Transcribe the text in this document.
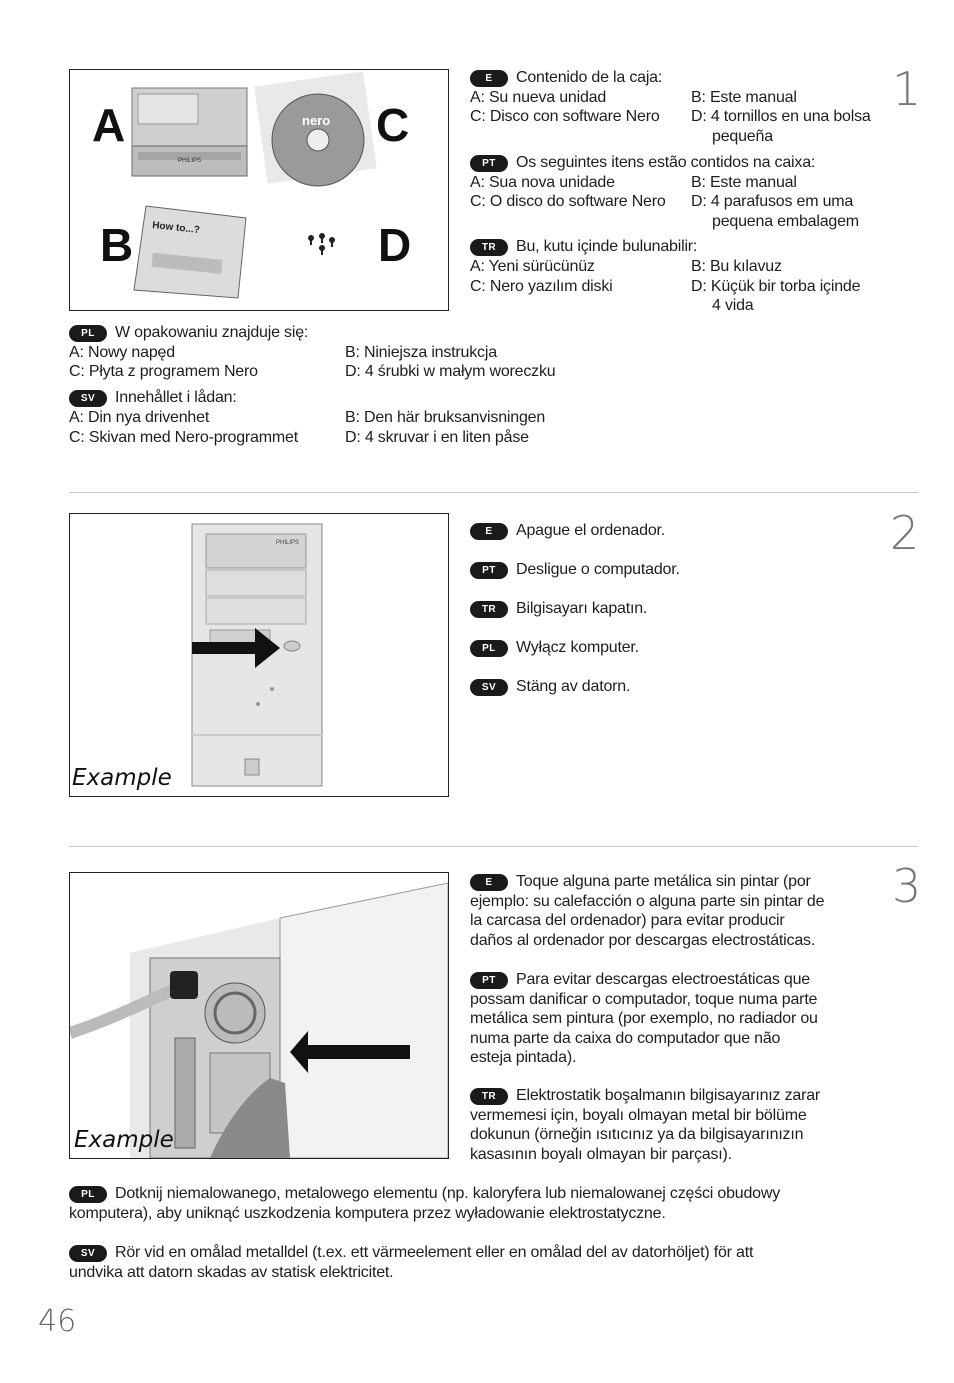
PHILIPS
nero
How to...?
A
B
C
D
1
E Contenido de la caja:
A: Su nueva unidad	B: Este manual
C: Disco con software Nero D: 4 tornillos en una bolsa
pequeña
PT Os seguintes itens estão contidos na caixa:
A: Sua nova unidade	B: Este manual
C: O disco do software Nero D: 4 parafusos em uma
pequena embalagem
TR Bu, kutu içinde bulunabilir:
A: Yeni sürücünüz	B: Bu kılavuz
C: Nero yazılım diski	D: Küçük bir torba içinde
4 vida
PL W opakowaniu znajduje się:
A: Nowy napęd	B: Niniejsza instrukcja
C: Płyta z programem Nero	D: 4 śrubki w małym woreczku
SV Innehållet i lådan:
A: Din nya drivenhet	B: Den här bruksanvisningen
C: Skivan med Nero-programmet	D: 4 skruvar i en liten påse
PHILIPS
Example
2
E Apague el ordenador.
PT Desligue o computador.
TR Bilgisayarı kapatın.
PL Wyłącz komputer.
SV Stäng av datorn.
Example
3
E Toque alguna parte metálica sin pintar (por
ejemplo: su calefacción o alguna parte sin pintar de
la carcasa del ordenador) para evitar producir
daños al ordenador por descargas electrostáticas.
PT Para evitar descargas electroestáticas que
possam danificar o computador, toque numa parte
metálica sem pintura (por exemplo, no radiador ou
numa parte da caixa do computador que não
esteja pintada).
TR Elektrostatik boşalmanın bilgisayarınız zarar
vermemesi için, boyalı olmayan metal bir bölüme
dokunun (örneğin ısıtıcınız ya da bilgisayarınızın
kasasının boyalı olmayan bir parçası).
PL Dotknij niemalowanego, metalowego elementu (np. kaloryfera lub niemalowanej części obudowy
komputera), aby uniknąć uszkodzenia komputera przez wyładowanie elektrostatyczne.
SV Rör vid en omålad metalldel (t.ex. ett värmeelement eller en omålad del av datorhöljet) för att
undvika att datorn skadas av statisk elektricitet.
46
